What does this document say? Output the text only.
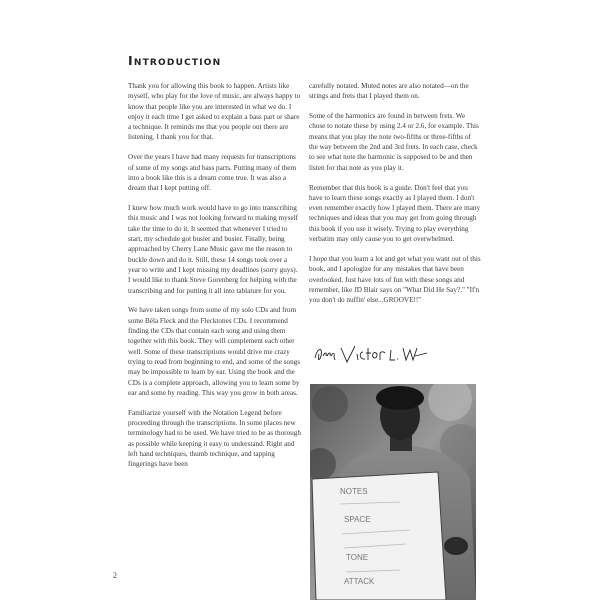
Introduction

Thank you for allowing this book to happen. Artists like myself, who play for the love of music, are always happy to know that people like you are interested in what we do. I enjoy it each time I get asked to explain a bass part or share a technique. It reminds me that you people out there are listening. I thank you for that.

Over the years I have had many requests for transcriptions of some of my songs and bass parts. Putting many of them into a book like this is a dream come true. It was also a dream that I kept putting off.

I knew how much work would have to go into transcribing this music and I was not looking forward to making myself take the time to do it. It seemed that whenever I tried to start, my schedule got busier and busier. Finally, being approached by Cherry Lane Music gave me the reason to buckle down and do it. Still, these 14 songs took over a year to write and I kept missing my deadlines (sorry guys). I would like to thank Steve Gorenberg for helping with the transcribing and for putting it all into tablature for you.

We have taken songs from some of my solo CDs and from some Béla Fleck and the Flecktones CDs. I recommend finding the CDs that contain each song and using them together with this book. They will complement each other well. Some of these transcriptions would drive me crazy trying to read from beginning to end, and some of the songs may be impossible to learn by ear. Using the book and the CDs is a complete approach, allowing you to learn some by ear and some by reading. This way you grow in both areas.

Familiarize yourself with the Notation Legend before proceeding through the transcriptions. In some places new terminology had to be used. We have tried to be as thorough as possible while keeping it easy to understand. Right and left hand techniques, thumb technique, and tapping fingerings have been

carefully notated. Muted notes are also notated—on the strings and frets that I played them on.

Some of the harmonics are found in between frets. We chose to notate these by using 2.4 or 2.6, for example. This means that you play the note two-fifths or three-fifths of the way between the 2nd and 3rd frets. In each case, check to see what note the harmonic is supposed to be and then listen for that note as you play it.

Remember that this book is a guide. Don't feel that you have to learn these songs exactly as I played them. I don't even remember exactly how I played them. There are many techniques and ideas that you may get from going through this book if you use it wisely. Trying to play everything verbatim may only cause you to get overwhelmed.

I hope that you learn a lot and get what you want out of this book, and I apologize for any mistakes that have been overlooked. Just have lots of fun with these songs and remember, like JD Blair says on "What Did He Say?," "If'n you don't do nuffin' else...GROOVE!!"

NOTES
SPACE
TONE
ATTACK
2
